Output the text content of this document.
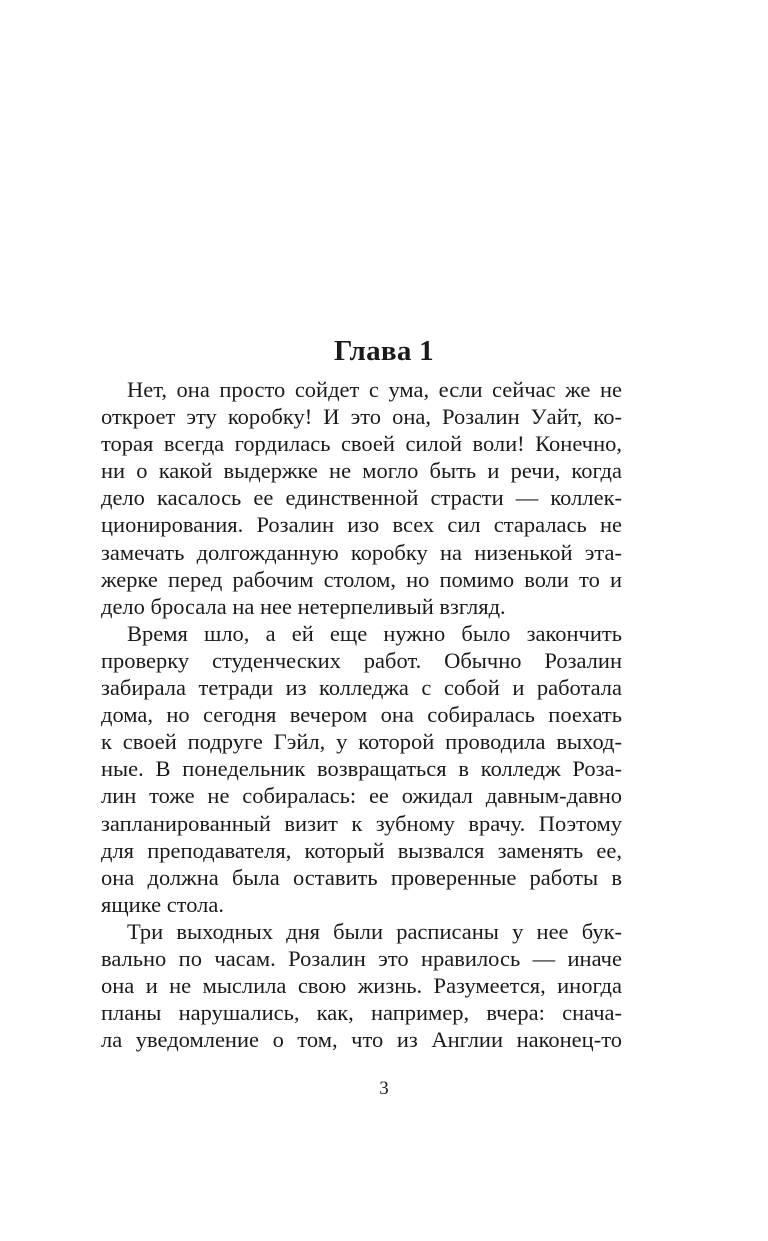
Глава 1
Нет, она просто сойдет с ума, если сейчас же не
откроет эту коробку! И это она, Розалин Уайт, ко-
торая всегда гордилась своей силой воли! Конечно,
ни о какой выдержке не могло быть и речи, когда
дело касалось ее единственной страсти — коллек-
ционирования. Розалин изо всех сил старалась не
замечать долгожданную коробку на низенькой эта-
жерке перед рабочим столом, но помимо воли то и
дело бросала на нее нетерпеливый взгляд.
Время шло, а ей еще нужно было закончить
проверку студенческих работ. Обычно Розалин
забирала тетради из колледжа с собой и работала
дома, но сегодня вечером она собиралась поехать
к своей подруге Гэйл, у которой проводила выход-
ные. В понедельник возвращаться в колледж Роза-
лин тоже не собиралась: ее ожидал давным-давно
запланированный визит к зубному врачу. Поэтому
для преподавателя, который вызвался заменять ее,
она должна была оставить проверенные работы в
ящике стола.
Три выходных дня были расписаны у нее бук-
вально по часам. Розалин это нравилось — иначе
она и не мыслила свою жизнь. Разумеется, иногда
планы нарушались, как, например, вчера: снача-
ла уведомление о том, что из Англии наконец-то
3
